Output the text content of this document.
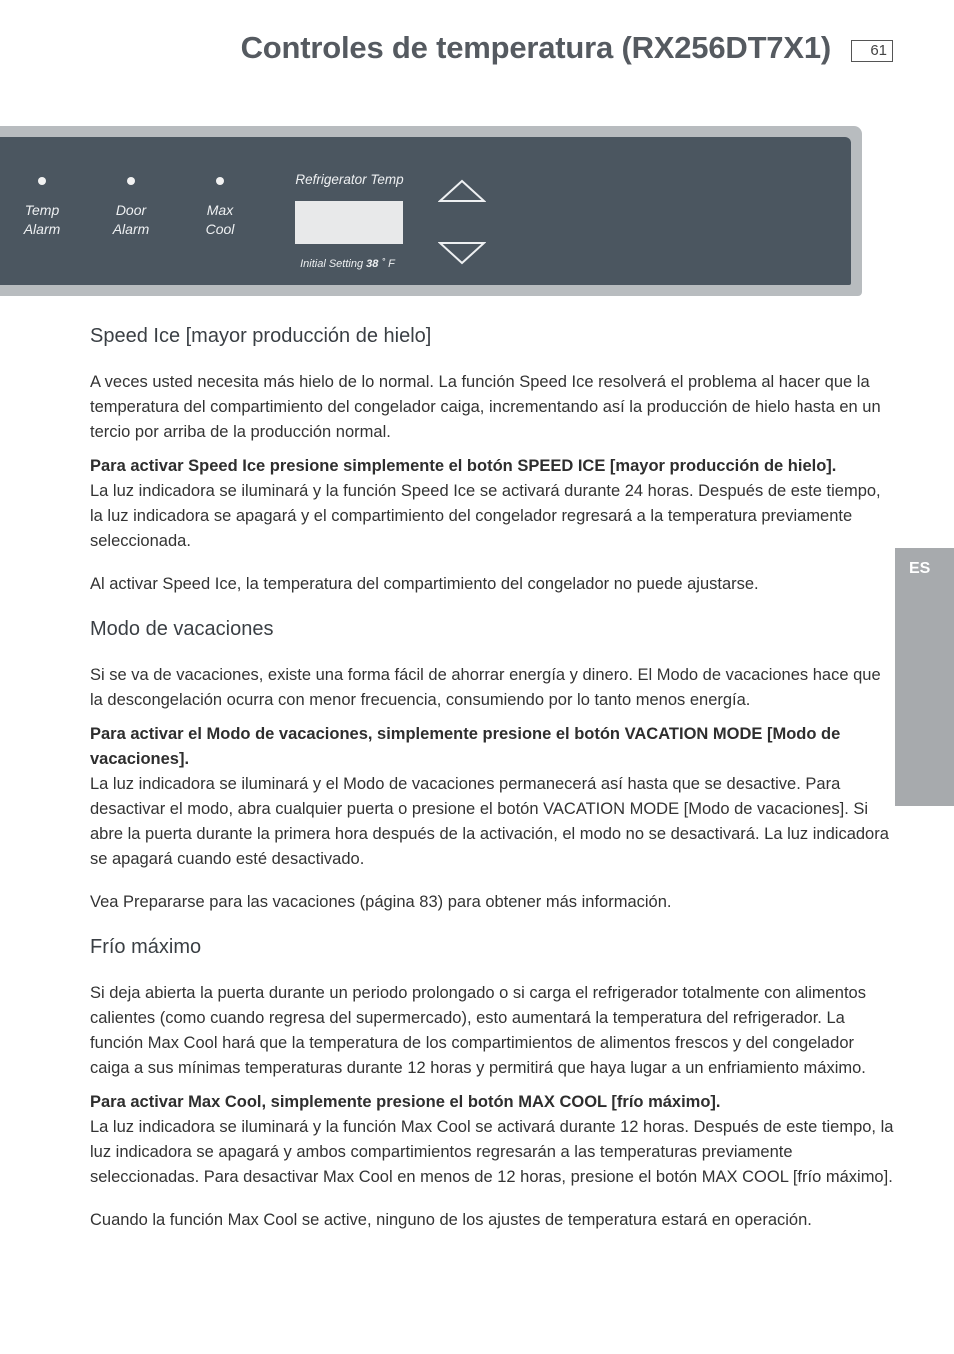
Controles de temperatura (RX256DT7X1)	61
Temp
Alarm
Door
Alarm
Max
Cool
Refrigerator Temp
Initial Setting 38 ˚ F
ES
Speed Ice [mayor producción de hielo]

A veces usted necesita más hielo de lo normal. La función Speed Ice resolverá el problema al hacer que la temperatura del compartimiento del congelador caiga, incrementando así la producción de hielo hasta en un tercio por arriba de la producción normal.

Para activar Speed Ice presione simplemente el botón SPEED ICE [mayor producción de hielo].

La luz indicadora se iluminará y la función Speed Ice se activará durante 24 horas. Después de este tiempo, la luz indicadora se apagará y el compartimiento del congelador regresará a la temperatura previamente seleccionada.

Al activar Speed Ice, la temperatura del compartimiento del congelador no puede ajustarse.

Modo de vacaciones

Si se va de vacaciones, existe una forma fácil de ahorrar energía y dinero. El Modo de vacaciones hace que la descongelación ocurra con menor frecuencia, consumiendo por lo tanto menos energía.

Para activar el Modo de vacaciones, simplemente presione el botón VACATION MODE [Modo de vacaciones].

La luz indicadora se iluminará y el Modo de vacaciones permanecerá así hasta que se desactive. Para desactivar el modo, abra cualquier puerta o presione el botón VACATION MODE [Modo de vacaciones]. Si abre la puerta durante la primera hora después de la activación, el modo no se desactivará. La luz indicadora se apagará cuando esté desactivado.

Vea Prepararse para las vacaciones (página 83) para obtener más información.

Frío máximo

Si deja abierta la puerta durante un periodo prolongado o si carga el refrigerador totalmente con alimentos calientes (como cuando regresa del supermercado), esto aumentará la temperatura del refrigerador. La función Max Cool hará que la temperatura de los compartimientos de alimentos frescos y del congelador caiga a sus mínimas temperaturas durante 12 horas y permitirá que haya lugar a un enfriamiento máximo.

Para activar Max Cool, simplemente presione el botón MAX COOL [frío máximo].

La luz indicadora se iluminará y la función Max Cool se activará durante 12 horas. Después de este tiempo, la luz indicadora se apagará y ambos compartimientos regresarán a las temperaturas previamente seleccionadas. Para desactivar Max Cool en menos de 12 horas, presione el botón MAX COOL [frío máximo].

Cuando la función Max Cool se active, ninguno de los ajustes de temperatura estará en operación.
